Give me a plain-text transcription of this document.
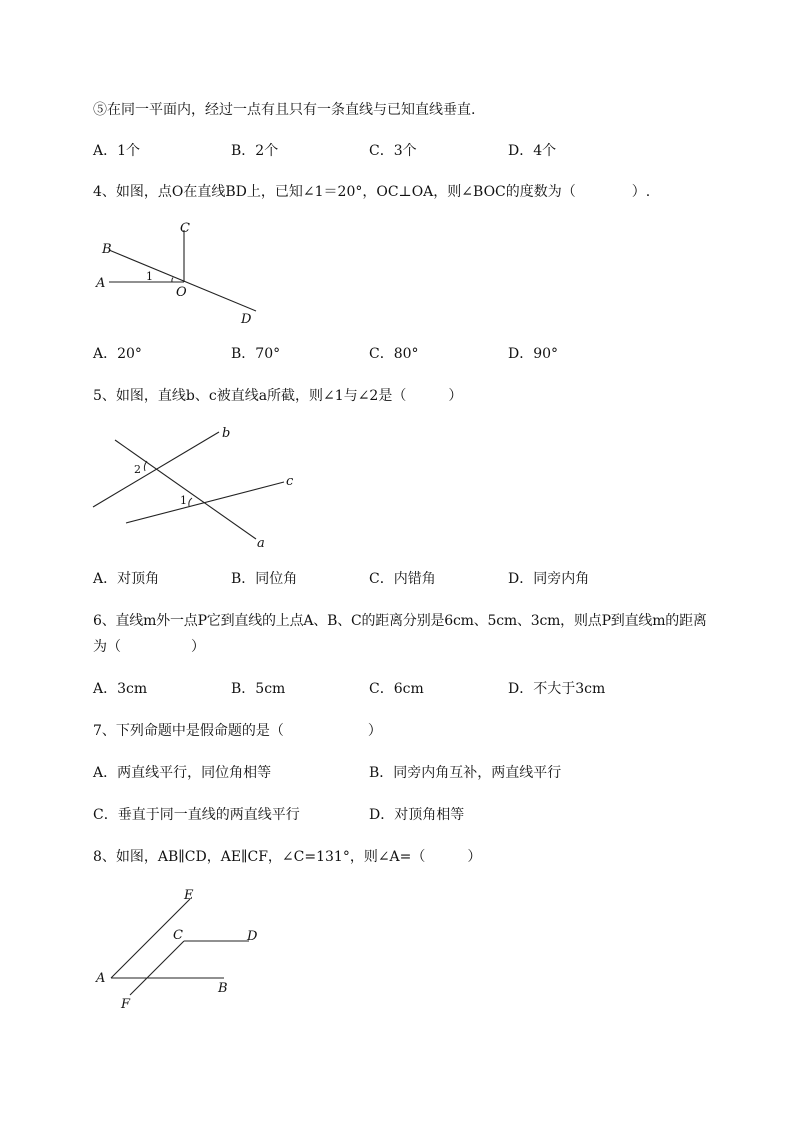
⑤在同一平面内，经过一点有且只有一条直线与已知直线垂直.
A．1个	B．2个	C．3个	D．4个
4、如图，点O在直线BD上，已知∠1＝20°，OC⊥OA，则∠BOC的度数为（　　　　）.
B
C
A
O
D
1
A．20°	B．70°	C．80°	D．90°
5、如图，直线b、c被直线a所截，则∠1与∠2是（　　　）
b
c
a
2
1
A．对顶角	B．同位角	C．内错角	D．同旁内角
6、直线m外一点P它到直线的上点A、B、C的距离分别是6cm、5cm、3cm，则点P到直线m的距离
为（　　　　　）
A．3cm	B．5cm	C．6cm	D．不大于3cm
7、下列命题中是假命题的是（　　　　　　）
A．两直线平行，同位角相等	B．同旁内角互补，两直线平行
C．垂直于同一直线的两直线平行	D．对顶角相等
8、如图，AB∥CD，AE∥CF，∠C=131°，则∠A=（　　　）
E
C	D
A
B
F
